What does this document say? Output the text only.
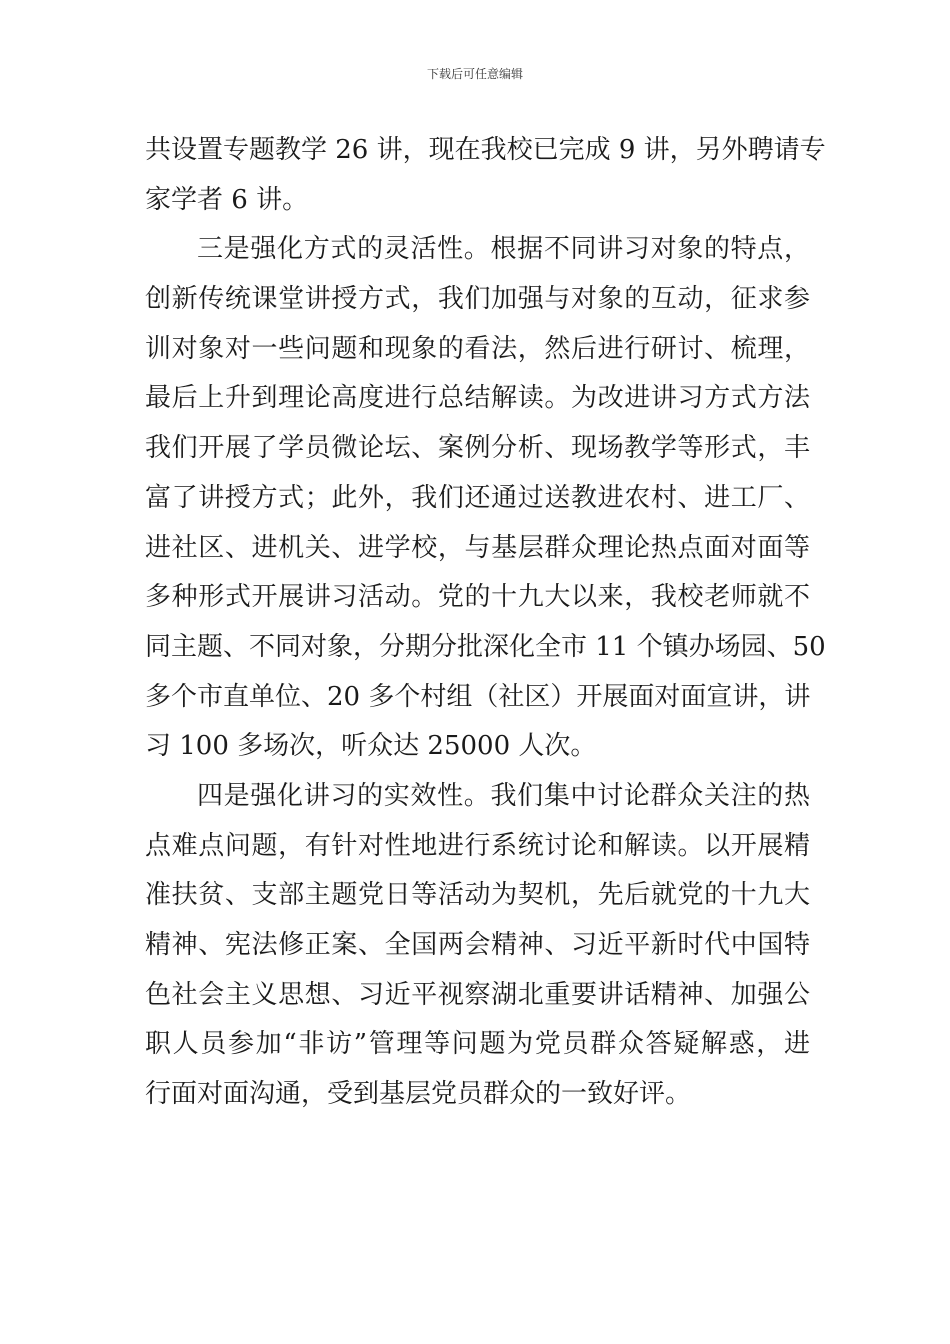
下载后可任意编辑
共设置专题教学 26 讲，现在我校已完成 9 讲，另外聘请专
家学者 6 讲。
三是强化方式的灵活性。根据不同讲习对象的特点，
创新传统课堂讲授方式，我们加强与对象的互动，征求参
训对象对一些问题和现象的看法，然后进行研讨、梳理，
最后上升到理论高度进行总结解读。为改进讲习方式方法
我们开展了学员微论坛、案例分析、现场教学等形式，丰
富了讲授方式；此外，我们还通过送教进农村、进工厂、
进社区、进机关、进学校，与基层群众理论热点面对面等
多种形式开展讲习活动。党的十九大以来，我校老师就不
同主题、不同对象，分期分批深化全市 11 个镇办场园、50
多个市直单位、20 多个村组（社区）开展面对面宣讲，讲
习 100 多场次，听众达 25000 人次。
四是强化讲习的实效性。我们集中讨论群众关注的热
点难点问题，有针对性地进行系统讨论和解读。以开展精
准扶贫、支部主题党日等活动为契机，先后就党的十九大
精神、宪法修正案、全国两会精神、习近平新时代中国特
色社会主义思想、习近平视察湖北重要讲话精神、加强公
职人员参加“非访”管理等问题为党员群众答疑解惑，进
行面对面沟通，受到基层党员群众的一致好评。
